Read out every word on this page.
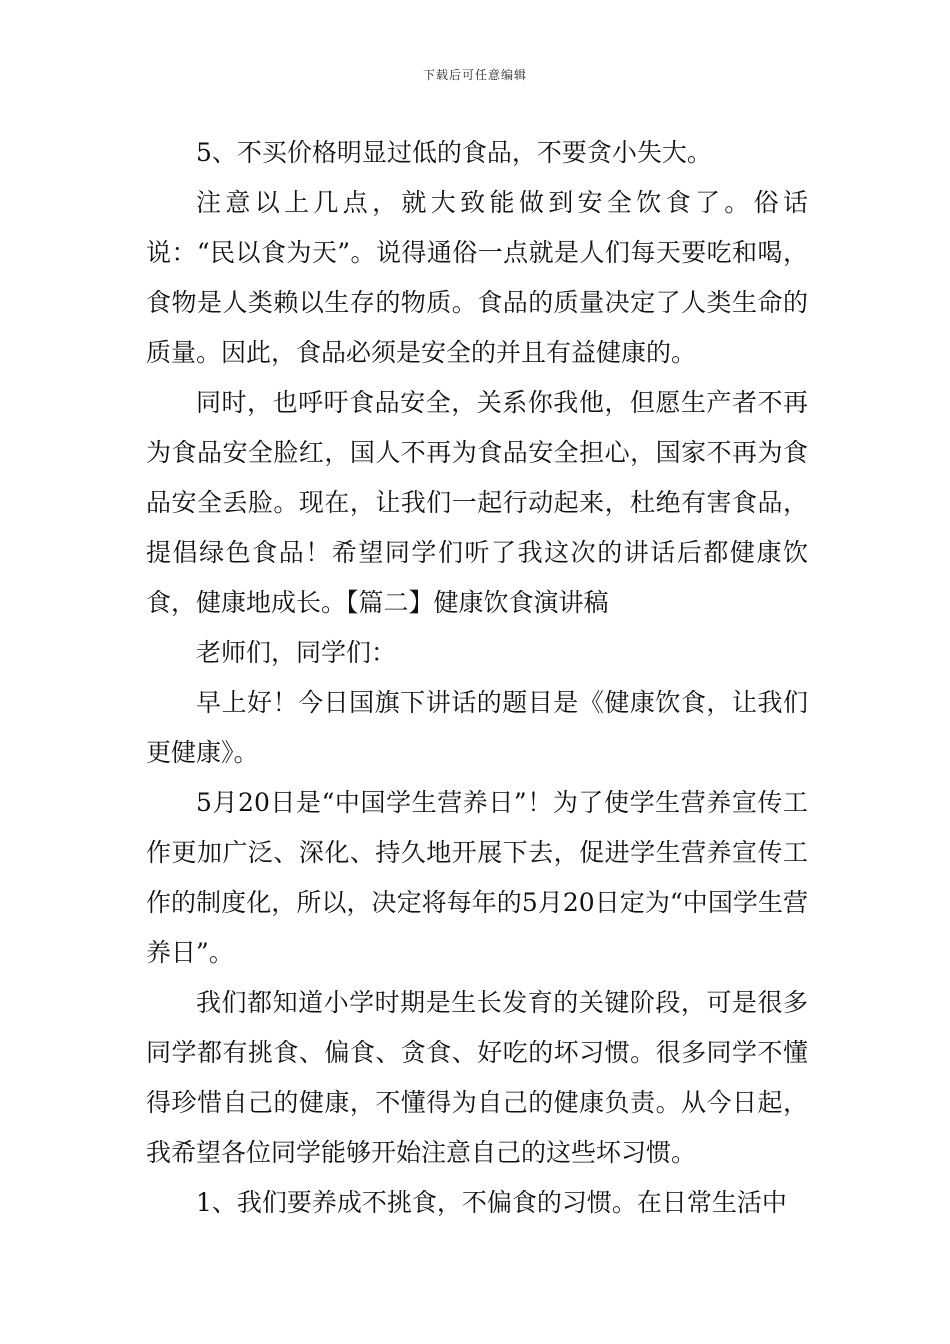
下载后可任意编辑

5、不买价格明显过低的食品，不要贪小失大。

注意以上几点，就大致能做到安全饮食了。俗话说：“民以食为天”。说得通俗一点就是人们每天要吃和喝，食物是人类赖以生存的物质。食品的质量决定了人类生命的质量。因此，食品必须是安全的并且有益健康的。

同时，也呼吁食品安全，关系你我他，但愿生产者不再为食品安全脸红，国人不再为食品安全担心，国家不再为食品安全丢脸。现在，让我们一起行动起来，杜绝有害食品，提倡绿色食品！希望同学们听了我这次的讲话后都健康饮食，健康地成长。【篇二】健康饮食演讲稿

老师们，同学们：

早上好！今日国旗下讲话的题目是《健康饮食，让我们更健康》。

5月20日是“中国学生营养日”！为了使学生营养宣传工作更加广泛、深化、持久地开展下去，促进学生营养宣传工作的制度化，所以，决定将每年的5月20日定为“中国学生营养日”。

我们都知道小学时期是生长发育的关键阶段，可是很多同学都有挑食、偏食、贪食、好吃的坏习惯。很多同学不懂得珍惜自己的健康，不懂得为自己的健康负责。从今日起，我希望各位同学能够开始注意自己的这些坏习惯。

1、我们要养成不挑食，不偏食的习惯。在日常生活中
